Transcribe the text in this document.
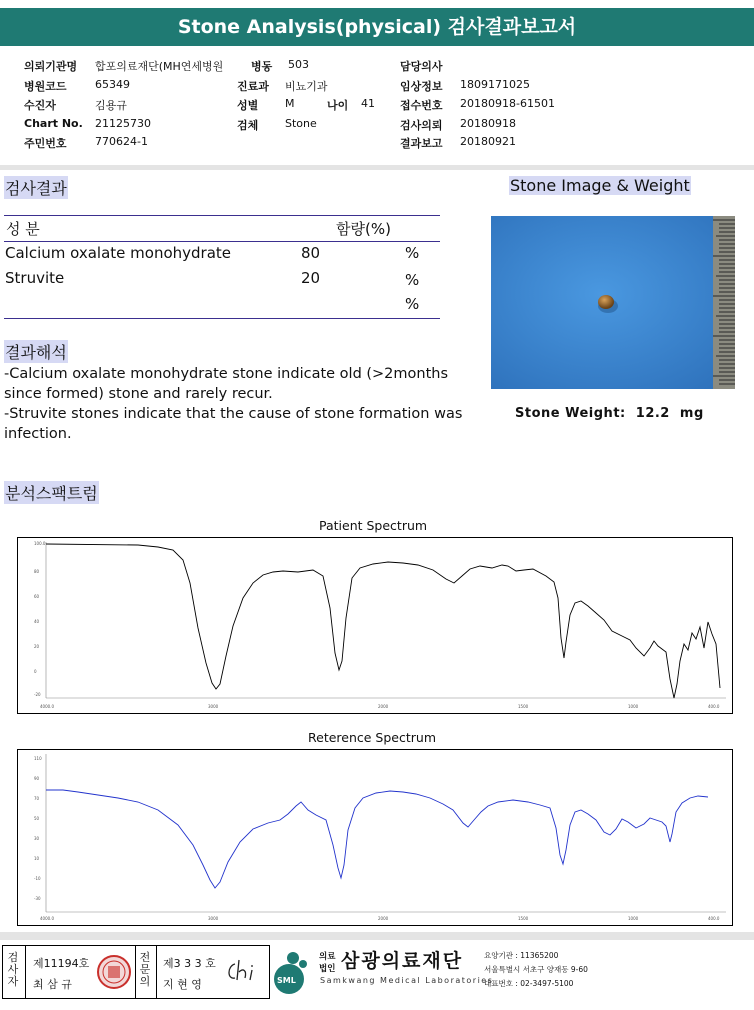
Stone Analysis(physical) 검사결과보고서
의뢰기관명 합포의료재단(MH연세병원	병동 503	담당의사
병원코드	65349	진료과 비뇨기과	임상정보 1809171025
수진자	김용규	성별 M	나이 41 접수번호 20180918-61501
Chart No. 21125730	검체 Stone	검사의뢰 20180918
주민번호	770624-1	결과보고 20180921
검사결과
성 분	함량(%)
Calcium oxalate monohydrate	80	%
Struvite	20	%
%
Stone Image & Weight
Stone Weight:  12.2  mg
결과해석
-Calcium oxalate monohydrate stone indicate old (>2months since formed) stone and rarely recur.
-Struvite stones indicate that the cause of stone formation was infection.
분석스팩트럼
Patient Spectrum
100.0
80
60
40
20
0
-20
4000.0	3000	2000	1500	1000	400.0
Reterence Spectrum
110
90
70
50
30
10
-10
-30
4000.0	3000	2000	1500	1000	400.0
검사자
제11194호
최 삼 규
전문의
제3 3 3 호
지 현 영	SML
의료
법인 삼광의료재단
Samkwang Medical Laboratories
요양기관 : 11365200
서울특별시 서초구 양재동 9-60
대표번호 : 02-3497-5100
